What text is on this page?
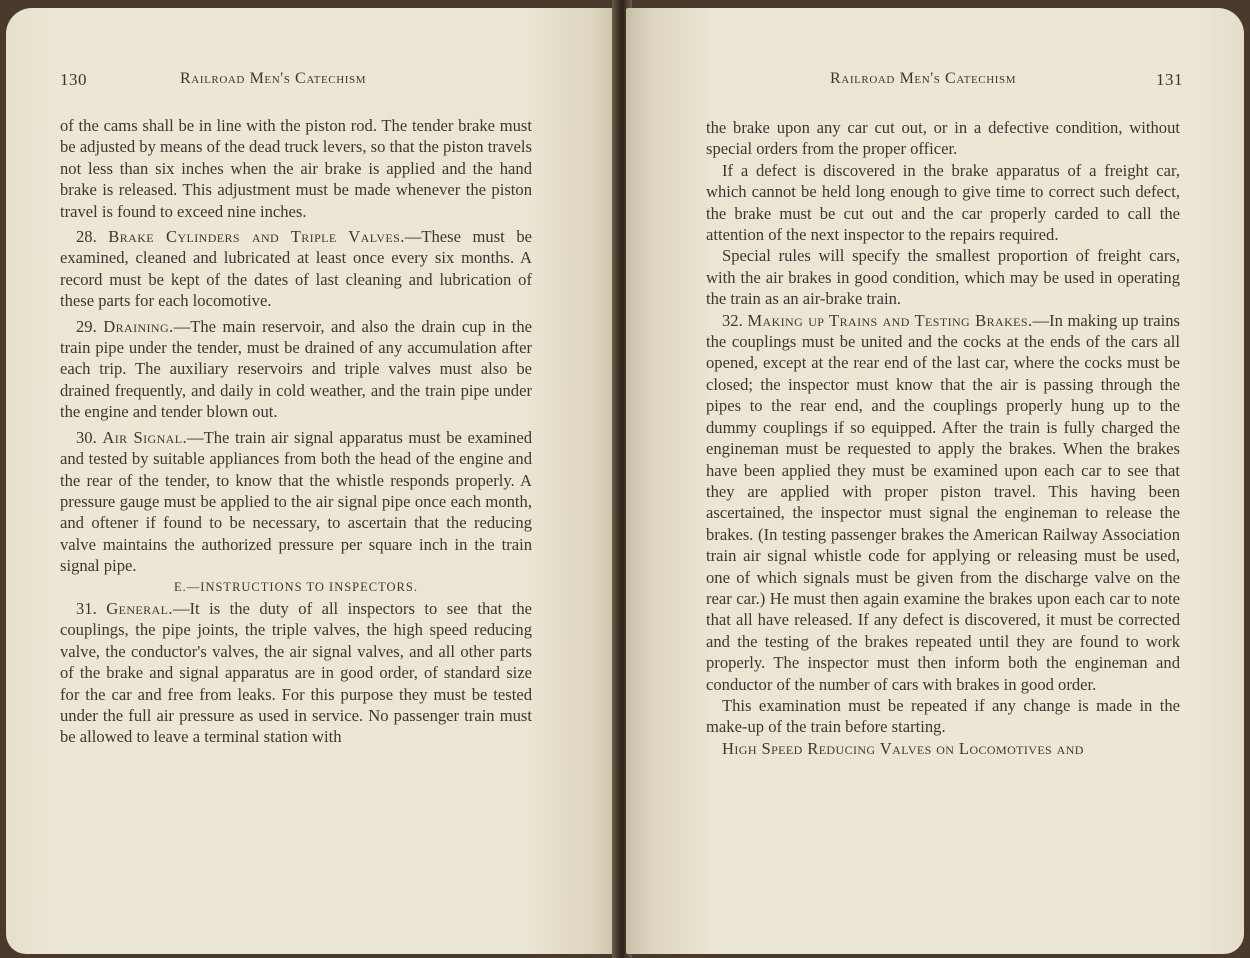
130	Railroad Men's Catechism

of the cams shall be in line with the piston rod. The tender brake must be adjusted by means of the dead truck levers, so that the piston travels not less than six inches when the air brake is applied and the hand brake is released. This adjustment must be made whenever the piston travel is found to exceed nine inches.

28. Brake Cylinders and Triple Valves.—These must be examined, cleaned and lubricated at least once every six months. A record must be kept of the dates of last cleaning and lubrication of these parts for each locomotive.

29. Draining.—The main reservoir, and also the drain cup in the train pipe under the tender, must be drained of any accumulation after each trip. The auxiliary reservoirs and triple valves must also be drained frequently, and daily in cold weather, and the train pipe under the engine and tender blown out.

30. Air Signal.—The train air signal apparatus must be examined and tested by suitable appliances from both the head of the engine and the rear of the tender, to know that the whistle responds properly. A pressure gauge must be applied to the air signal pipe once each month, and oftener if found to be necessary, to ascertain that the reducing valve maintains the authorized pressure per square inch in the train signal pipe.

E.—INSTRUCTIONS TO INSPECTORS.

31. General.—It is the duty of all inspectors to see that the couplings, the pipe joints, the triple valves, the high speed reducing valve, the conductor's valves, the air signal valves, and all other parts of the brake and signal apparatus are in good order, of standard size for the car and free from leaks. For this purpose they must be tested under the full air pressure as used in service. No passenger train must be allowed to leave a terminal station with

Railroad Men's Catechism	131

the brake upon any car cut out, or in a defective condition, without special orders from the proper officer.

If a defect is discovered in the brake apparatus of a freight car, which cannot be held long enough to give time to correct such defect, the brake must be cut out and the car properly carded to call the attention of the next inspector to the repairs required.

Special rules will specify the smallest proportion of freight cars, with the air brakes in good condition, which may be used in operating the train as an air-brake train.

32. Making up Trains and Testing Brakes.—In making up trains the couplings must be united and the cocks at the ends of the cars all opened, except at the rear end of the last car, where the cocks must be closed; the inspector must know that the air is passing through the pipes to the rear end, and the couplings properly hung up to the dummy couplings if so equipped. After the train is fully charged the engineman must be requested to apply the brakes. When the brakes have been applied they must be examined upon each car to see that they are applied with proper piston travel. This having been ascertained, the inspector must signal the engineman to release the brakes. (In testing passenger brakes the American Railway Association train air signal whistle code for applying or releasing must be used, one of which signals must be given from the discharge valve on the rear car.) He must then again examine the brakes upon each car to note that all have released. If any defect is discovered, it must be corrected and the testing of the brakes repeated until they are found to work properly. The inspector must then inform both the engineman and conductor of the number of cars with brakes in good order.

This examination must be repeated if any change is made in the make-up of the train before starting.

High Speed Reducing Valves on Locomotives and
